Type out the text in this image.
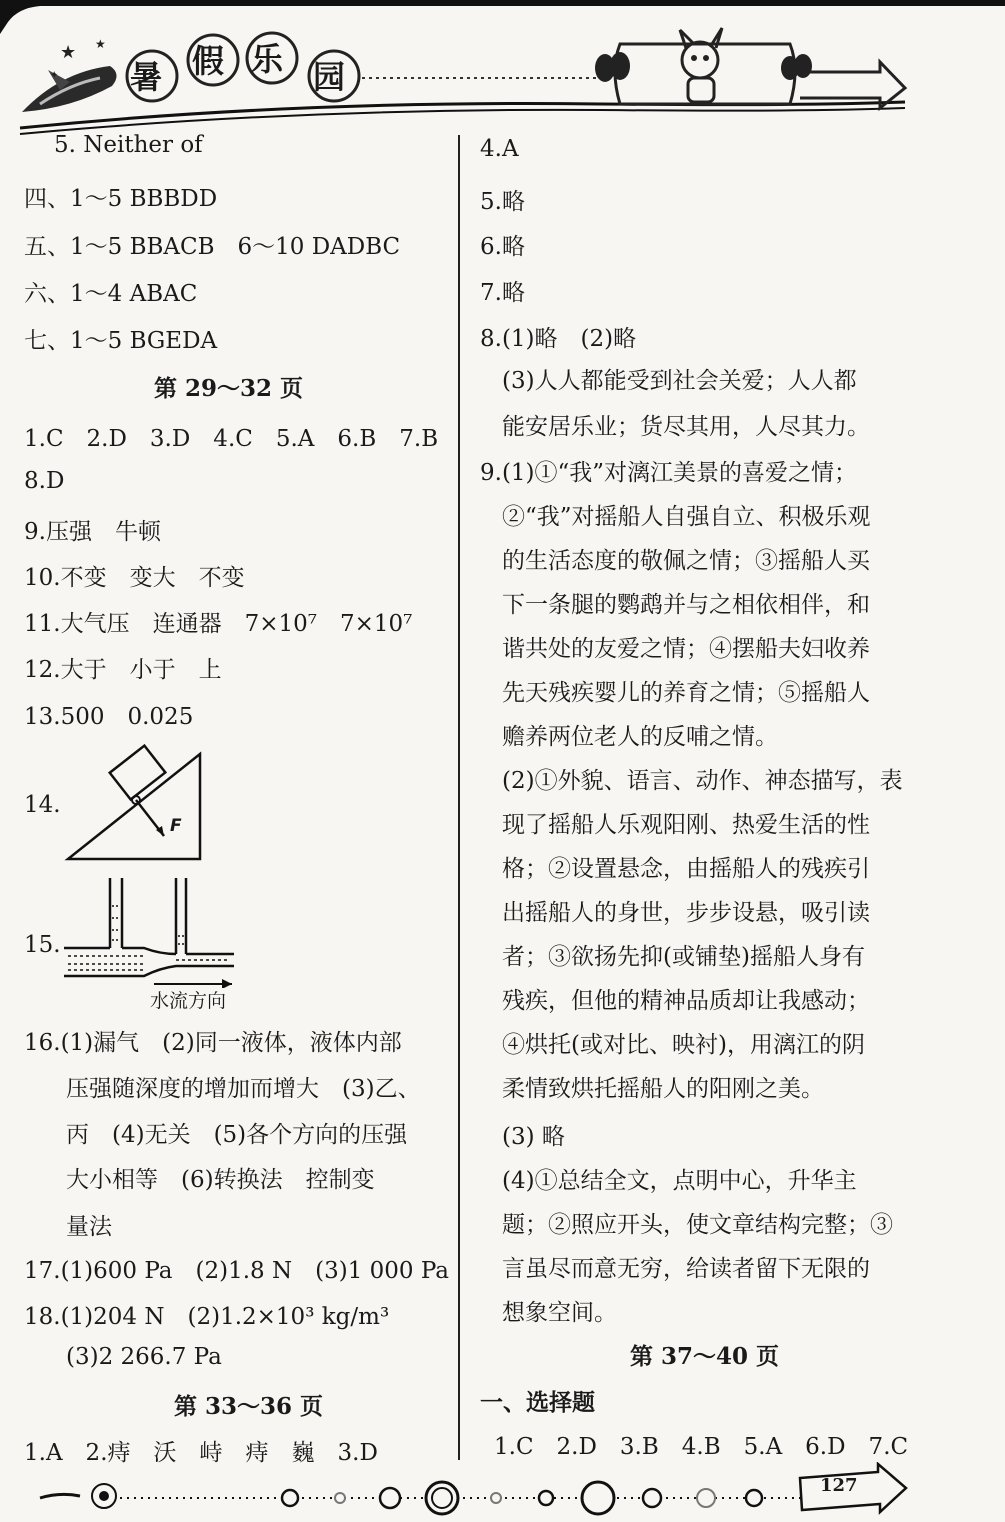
★ ★
✦ 暑 假 乐 园
5. Neither of
四、1～5 BBBDD
五、1～5 BBACB　6～10 DADBC
六、1～4 ABAC
七、1～5 BGEDA
第 29～32 页
1.C　2.D　3.D　4.C　5.A　6.B　7.B
8.D
9.压强　牛顿
10.不变　变大　不变
11.大气压　连通器　7×10⁷　7×10⁷
12.大于　小于　上
13.500　0.025
14.
F
15.
水流方向
16.(1)漏气　(2)同一液体，液体内部
压强随深度的增加而增大　(3)乙、
丙　(4)无关　(5)各个方向的压强
大小相等　(6)转换法　控制变
量法
17.(1)600 Pa　(2)1.8 N　(3)1 000 Pa
18.(1)204 N　(2)1.2×10³ kg/m³
(3)2 266.7 Pa
第 33～36 页
1.A　2.痔　沃　峙　痔　巍　3.D
4.A
5.略
6.略
7.略
8.(1)略　(2)略
(3)人人都能受到社会关爱；人人都
能安居乐业；货尽其用，人尽其力。
9.(1)①“我”对漓江美景的喜爱之情；
②“我”对摇船人自强自立、积极乐观
的生活态度的敬佩之情；③摇船人买
下一条腿的鹦鹉并与之相依相伴，和
谐共处的友爱之情；④摆船夫妇收养
先天残疾婴儿的养育之情；⑤摇船人
赡养两位老人的反哺之情。
(2)①外貌、语言、动作、神态描写，表
现了摇船人乐观阳刚、热爱生活的性
格；②设置悬念，由摇船人的残疾引
出摇船人的身世，步步设悬，吸引读
者；③欲扬先抑(或铺垫)摇船人身有
残疾，但他的精神品质却让我感动；
④烘托(或对比、映衬)，用漓江的阴
柔情致烘托摇船人的阳刚之美。
(3) 略
(4)①总结全文，点明中心，升华主
题；②照应开头，使文章结构完整；③
言虽尽而意无穷，给读者留下无限的
想象空间。
第 37～40 页
一、选择题
1.C　2.D　3.B　4.B　5.A　6.D　7.C
127
